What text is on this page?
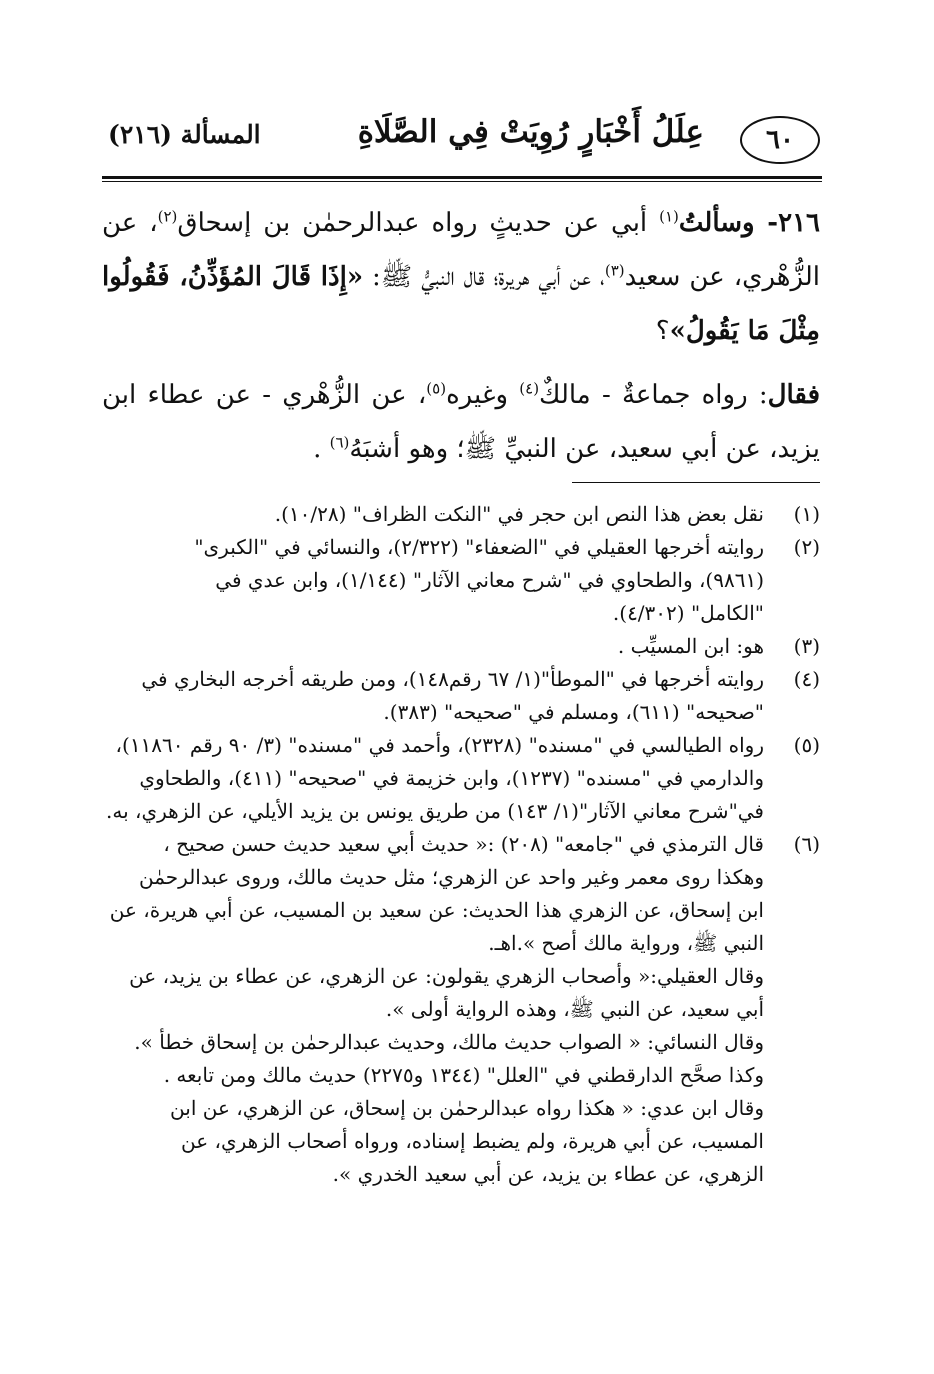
٦٠
عِلَلُ أَخْبَارٍ رُوِيَتْ فِي الصَّلَاةِ
المسألة (٢١٦)

٢١٦- وسألتُ$^{(١)}$ أبي عن حديثٍ رواه عبدالرحمٰن بن إسحاق$^{(٢)}$، عن الزُّهْري، عن سعيد$^{(٣)}$، عن أبي هريرة؛ قال النبيُّ ﷺ: «إِذَا قَالَ المُؤَذِّنُ، فَقُولُوا مِثْلَ مَا يَقُولُ»؟

فقال: رواه جماعةٌ - مالكٌ$^{(٤)}$ وغيره$^{(٥)}$، عن الزُّهْري - عن عطاء ابن يزيد، عن أبي سعيد، عن النبيِّ ﷺ؛ وهو أشبَهُ$^{(٦)}$ .

(١)
نقل بعض هذا النص ابن حجر في "النكت الظراف" (١٠/٢٨).
(٢)
روايته أخرجها العقيلي في "الضعفاء" (٢/٣٢٢)، والنسائي في "الكبرى"
(٩٨٦١)، والطحاوي في "شرح معاني الآثار" (١/١٤٤)، وابن عدي في
"الكامل" (٤/٣٠٢).
(٣)
هو: ابن المسيِّب .
(٤)
روايته أخرجها في "الموطأ"(١/ ٦٧ رقم١٤٨)، ومن طريقه أخرجه البخاري في
"صحيحه" (٦١١)، ومسلم في "صحيحه" (٣٨٣).
(٥)
رواه الطيالسي في "مسنده" (٢٣٢٨)، وأحمد في "مسنده" (٣/ ٩٠ رقم ١١٨٦٠)،
والدارمي في "مسنده" (١٢٣٧)، وابن خزيمة في "صحيحه" (٤١١)، والطحاوي
في"شرح معاني الآثار"(١/ ١٤٣) من طريق يونس بن يزيد الأيلي، عن الزهري، به.
(٦)
قال الترمذي في "جامعه" (٢٠٨) :« حديث أبي سعيد حديث حسن صحيح ،
وهكذا روى معمر وغير واحد عن الزهري؛ مثل حديث مالك، وروى عبدالرحمٰن
ابن إسحاق، عن الزهري هذا الحديث: عن سعيد بن المسيب، عن أبي هريرة، عن
النبي ﷺ، ورواية مالك أصح ».اهـ.
وقال العقيلي:« وأصحاب الزهري يقولون: عن الزهري، عن عطاء بن يزيد، عن
أبي سعيد، عن النبي ﷺ، وهذه الرواية أولى ».
وقال النسائي: « الصواب حديث مالك، وحديث عبدالرحمٰن بن إسحاق خطأ ».
وكذا صحَّح الدارقطني في "العلل" (١٣٤٤ و٢٢٧٥) حديث مالك ومن تابعه .
وقال ابن عدي: « هكذا رواه عبدالرحمٰن بن إسحاق، عن الزهري، عن ابن
المسيب، عن أبي هريرة، ولم يضبط إسناده، ورواه أصحاب الزهري، عن
الزهري، عن عطاء بن يزيد، عن أبي سعيد الخدري ».
